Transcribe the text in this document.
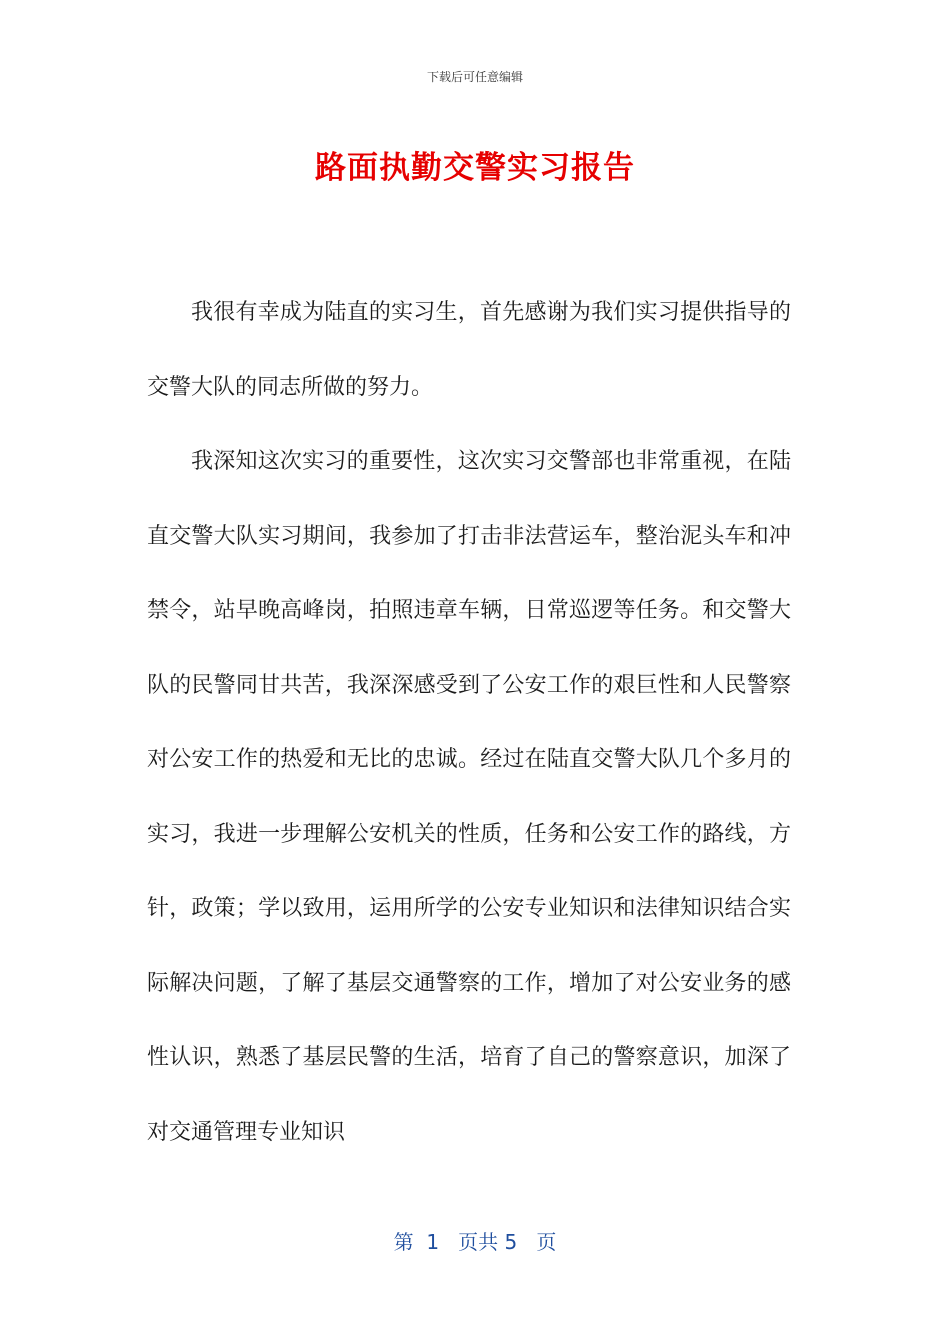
下载后可任意编辑
路面执勤交警实习报告

我很有幸成为陆直的实习生，首先感谢为我们实习提供指导的交警大队的同志所做的努力。

我深知这次实习的重要性，这次实习交警部也非常重视，在陆直交警大队实习期间，我参加了打击非法营运车，整治泥头车和冲禁令，站早晚高峰岗，拍照违章车辆，日常巡逻等任务。和交警大队的民警同甘共苦，我深深感受到了公安工作的艰巨性和人民警察对公安工作的热爱和无比的忠诚。经过在陆直交警大队几个多月的实习，我进一步理解公安机关的性质，任务和公安工作的路线，方针，政策；学以致用，运用所学的公安专业知识和法律知识结合实际解决问题，了解了基层交通警察的工作，增加了对公安业务的感性认识，熟悉了基层民警的生活，培育了自己的警察意识，加深了对交通管理专业知识

第  1   页共 5   页
